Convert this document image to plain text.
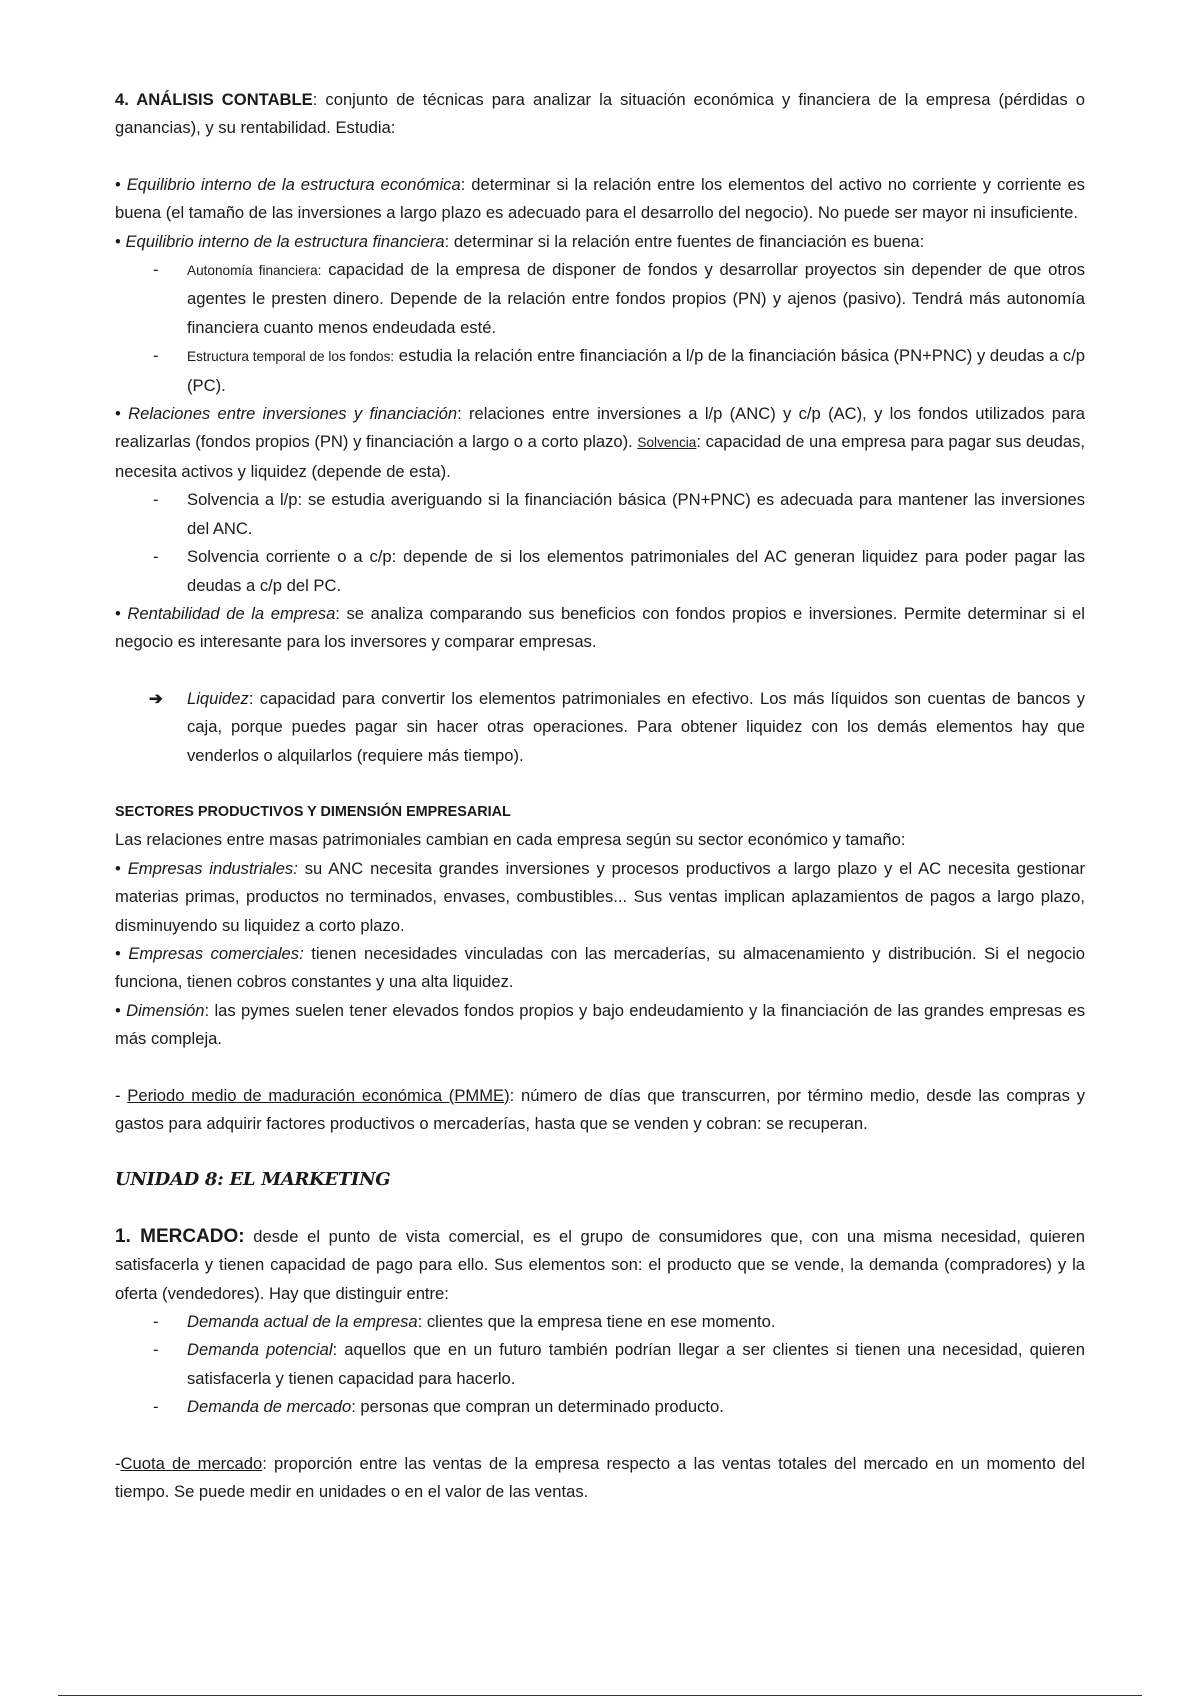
4. ANÁLISIS CONTABLE: conjunto de técnicas para analizar la situación económica y financiera de la empresa (pérdidas o ganancias), y su rentabilidad. Estudia:

• Equilibrio interno de la estructura económica: determinar si la relación entre los elementos del activo no corriente y corriente es buena (el tamaño de las inversiones a largo plazo es adecuado para el desarrollo del negocio). No puede ser mayor ni insuficiente.

• Equilibrio interno de la estructura financiera: determinar si la relación entre fuentes de financiación es buena:

- Autonomía financiera: capacidad de la empresa de disponer de fondos y desarrollar proyectos sin depender de que otros agentes le presten dinero. Depende de la relación entre fondos propios (PN) y ajenos (pasivo). Tendrá más autonomía financiera cuanto menos endeudada esté.

- Estructura temporal de los fondos: estudia la relación entre financiación a l/p de la financiación básica (PN+PNC) y deudas a c/p (PC).

• Relaciones entre inversiones y financiación: relaciones entre inversiones a l/p (ANC) y c/p (AC), y los fondos utilizados para realizarlas (fondos propios (PN) y financiación a largo o a corto plazo). Solvencia: capacidad de una empresa para pagar sus deudas, necesita activos y liquidez (depende de esta).

- Solvencia a l/p: se estudia averiguando si la financiación básica (PN+PNC) es adecuada para mantener las inversiones del ANC.

- Solvencia corriente o a c/p: depende de si los elementos patrimoniales del AC generan liquidez para poder pagar las deudas a c/p del PC.

• Rentabilidad de la empresa: se analiza comparando sus beneficios con fondos propios e inversiones. Permite determinar si el negocio es interesante para los inversores y comparar empresas.

➔ Liquidez: capacidad para convertir los elementos patrimoniales en efectivo. Los más líquidos son cuentas de bancos y caja, porque puedes pagar sin hacer otras operaciones. Para obtener liquidez con los demás elementos hay que venderlos o alquilarlos (requiere más tiempo).

SECTORES PRODUCTIVOS Y DIMENSIÓN EMPRESARIAL

Las relaciones entre masas patrimoniales cambian en cada empresa según su sector económico y tamaño:

• Empresas industriales: su ANC necesita grandes inversiones y procesos productivos a largo plazo y el AC necesita gestionar materias primas, productos no terminados, envases, combustibles... Sus ventas implican aplazamientos de pagos a largo plazo, disminuyendo su liquidez a corto plazo.

• Empresas comerciales: tienen necesidades vinculadas con las mercaderías, su almacenamiento y distribución. Si el negocio funciona, tienen cobros constantes y una alta liquidez.

• Dimensión: las pymes suelen tener elevados fondos propios y bajo endeudamiento y la financiación de las grandes empresas es más compleja.

- Periodo medio de maduración económica (PMME): número de días que transcurren, por término medio, desde las compras y gastos para adquirir factores productivos o mercaderías, hasta que se venden y cobran: se recuperan.

UNIDAD 8: EL MARKETING

1. MERCADO: desde el punto de vista comercial, es el grupo de consumidores que, con una misma necesidad, quieren satisfacerla y tienen capacidad de pago para ello. Sus elementos son: el producto que se vende, la demanda (compradores) y la oferta (vendedores). Hay que distinguir entre:

- Demanda actual de la empresa: clientes que la empresa tiene en ese momento.

- Demanda potencial: aquellos que en un futuro también podrían llegar a ser clientes si tienen una necesidad, quieren satisfacerla y tienen capacidad para hacerlo.

- Demanda de mercado: personas que compran un determinado producto.

-Cuota de mercado: proporción entre las ventas de la empresa respecto a las ventas totales del mercado en un momento del tiempo. Se puede medir en unidades o en el valor de las ventas.
